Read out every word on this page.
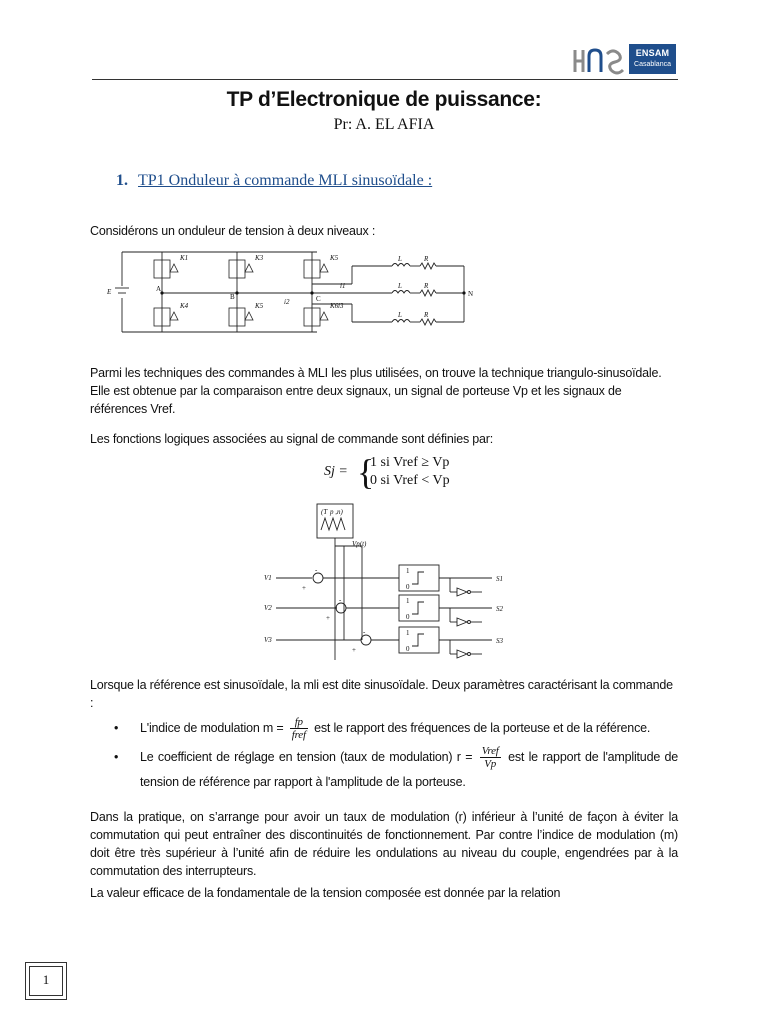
ENSAM
Casablanca
TP d’Electronique de puissance:
Pr: A. EL AFIA
1. TP1 Onduleur à commande MLI sinusoïdale :
Considérons un onduleur de tension à deux niveaux :
E	A
B	C
N
K1
K4
K3
K5
K5
K6
i1
i2	i3
L	R
L	R
L	R
Parmi les techniques des commandes à MLI les plus utilisées, on trouve la technique triangulo-sinusoïdale. Elle est obtenue par la comparaison entre deux signaux, un signal de porteuse Vp et les signaux de références Vref.
Les fonctions logiques associées au signal de commande sont définies par:
Sj = {
1 si Vref ≥ Vp
0 si Vref < Vp
(T p ,n)
Vp(t)
V1
V2
V3
S1
S2
S3
+
+
+
-
-
-
1
0
1
0
1
0
Lorsque la référence est sinusoïdale, la mli est dite sinusoïdale. Deux paramètres caractérisant la commande :
• L'indice de modulation $m = \frac{fp}{\text{fref}}$ est le rapport des fréquences de la porteuse et de la référence.
• Le coefficient de réglage en tension (taux de modulation) $r = \frac{\text{Vref}}{Vp}$ est le rapport de l'amplitude de tension de référence par rapport à l'amplitude de la porteuse.
Dans la pratique, on s’arrange pour avoir un taux de modulation (r) inférieur à l’unité de façon à éviter la commutation qui peut entraîner des discontinuités de fonctionnement. Par contre l’indice de modulation (m) doit être très supérieur à l’unité afin de réduire les ondulations au niveau du couple, engendrées par à la commutation des interrupteurs.
La valeur efficace de la fondamentale de la tension composée est donnée par la relation
1
